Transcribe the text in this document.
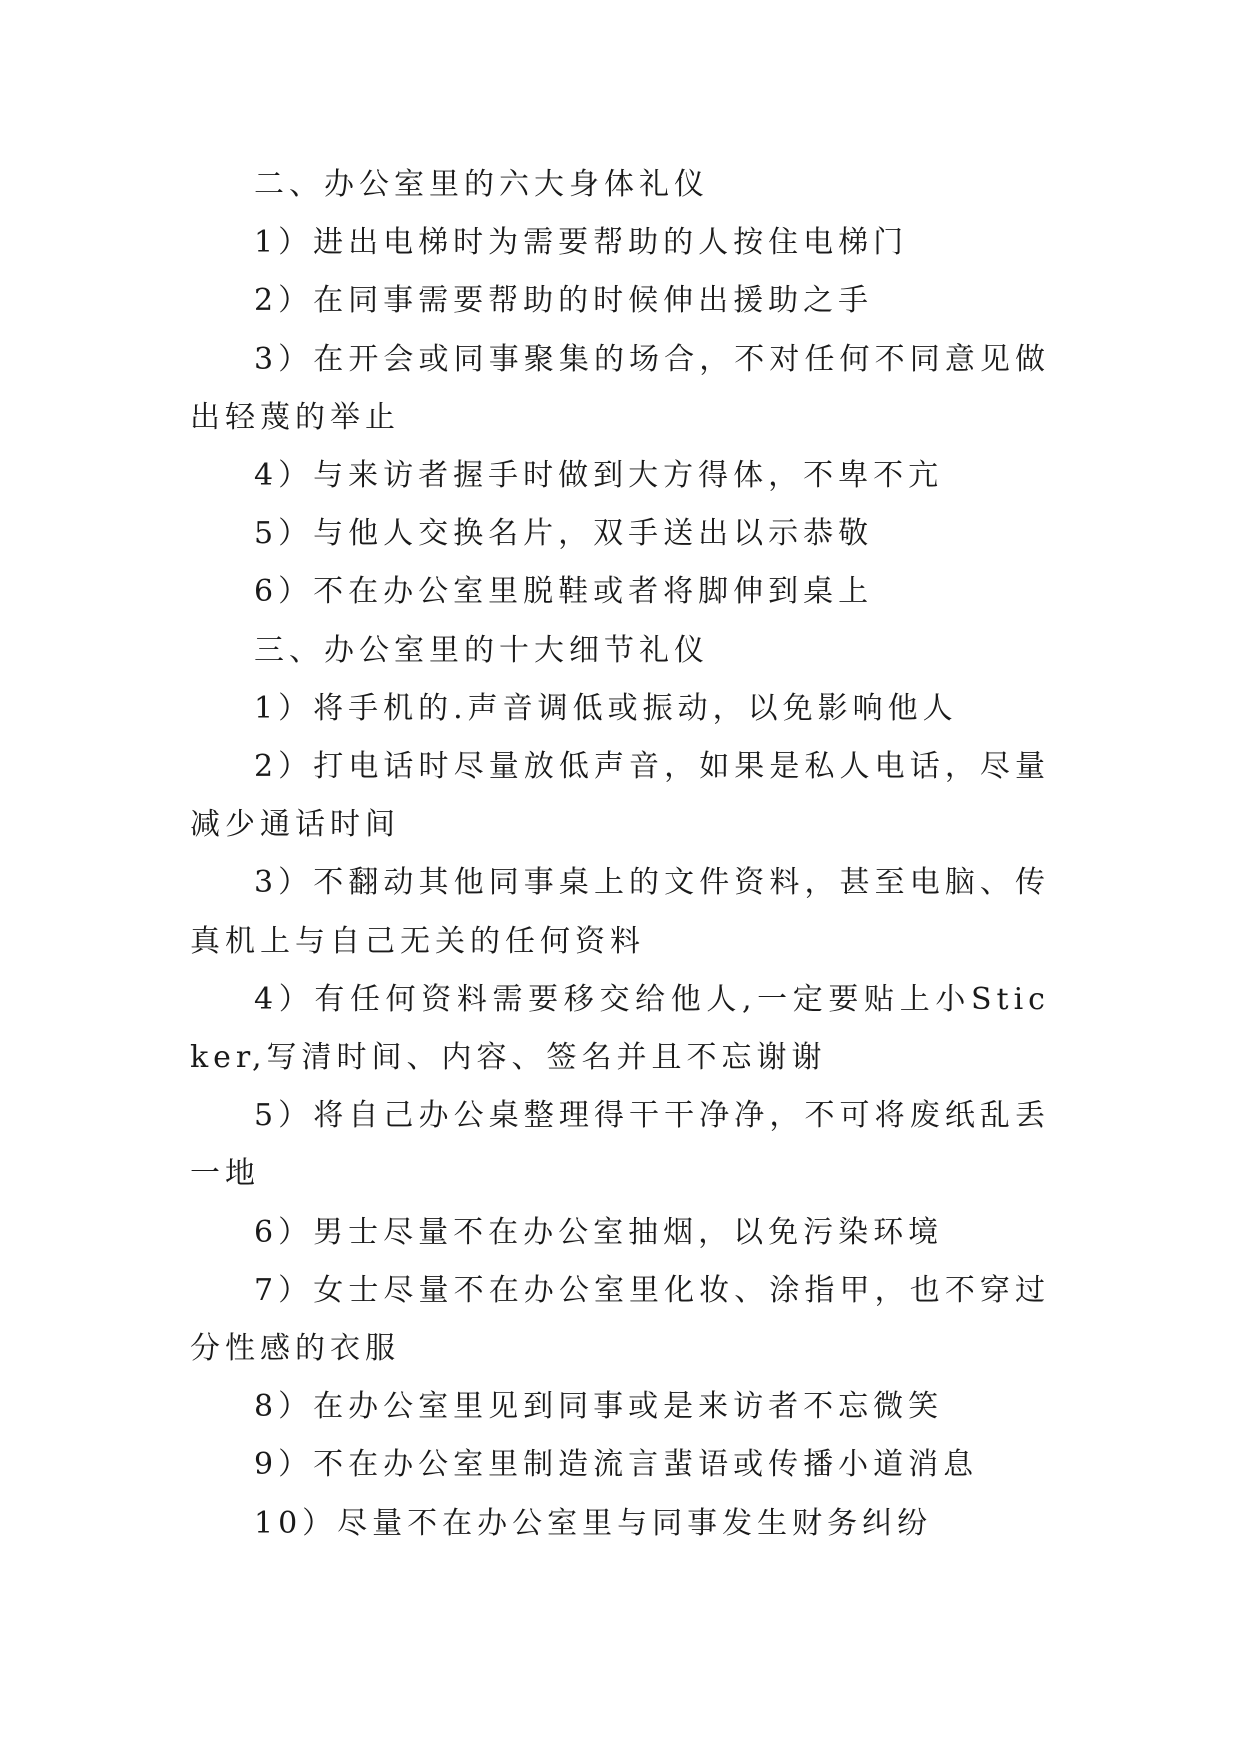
二、办公室里的六大身体礼仪

1）进出电梯时为需要帮助的人按住电梯门

2）在同事需要帮助的时候伸出援助之手

3）在开会或同事聚集的场合，不对任何不同意见做出轻蔑的举止

4）与来访者握手时做到大方得体，不卑不亢

5）与他人交换名片，双手送出以示恭敬

6）不在办公室里脱鞋或者将脚伸到桌上

三、办公室里的十大细节礼仪

1）将手机的.声音调低或振动，以免影响他人

2）打电话时尽量放低声音，如果是私人电话，尽量减少通话时间

3）不翻动其他同事桌上的文件资料，甚至电脑、传真机上与自己无关的任何资料

4）有任何资料需要移交给他人,一定要贴上小Sticker,写清时间、内容、签名并且不忘谢谢

5）将自己办公桌整理得干干净净，不可将废纸乱丢一地

6）男士尽量不在办公室抽烟，以免污染环境

7）女士尽量不在办公室里化妆、涂指甲，也不穿过分性感的衣服

8）在办公室里见到同事或是来访者不忘微笑

9）不在办公室里制造流言蜚语或传播小道消息

10）尽量不在办公室里与同事发生财务纠纷
